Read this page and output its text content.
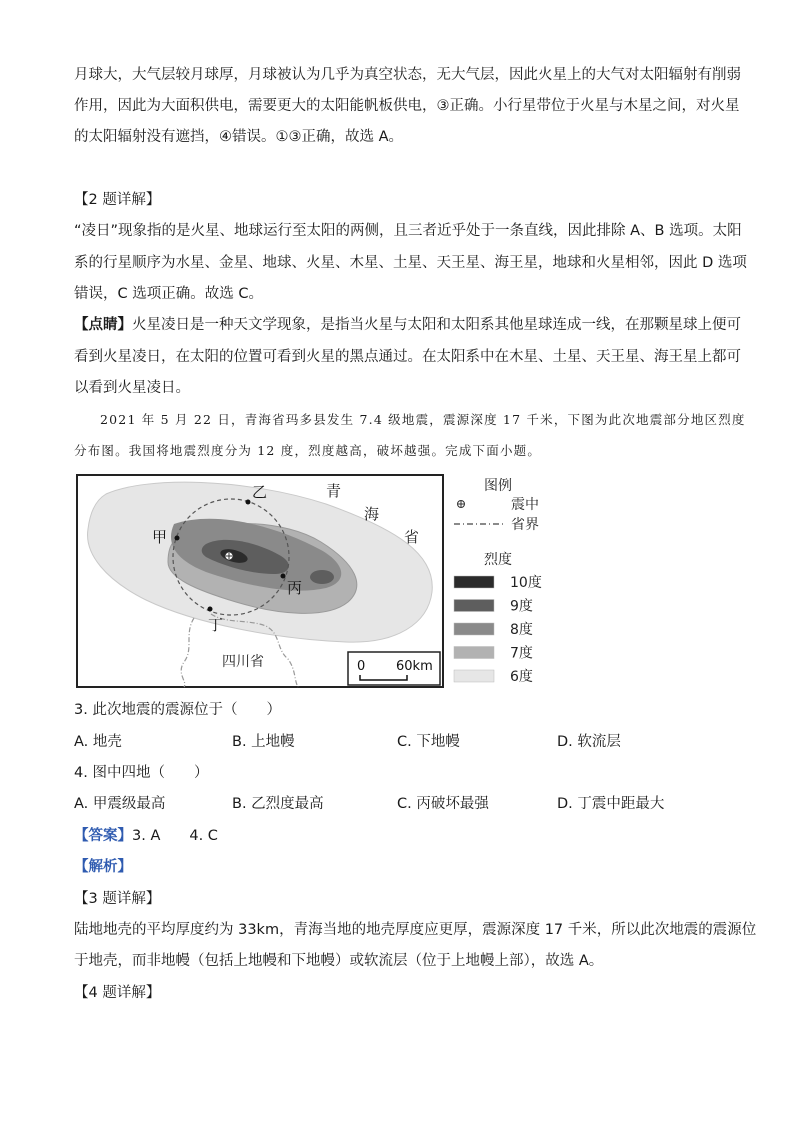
月球大，大气层较月球厚，月球被认为几乎为真空状态，无大气层，因此火星上的大气对太阳辐射有削弱
作用，因此为大面积供电，需要更大的太阳能帆板供电，③正确。小行星带位于火星与木星之间，对火星
的太阳辐射没有遮挡，④错误。①③正确，故选 A。
【2 题详解】
“凌日”现象指的是火星、地球运行至太阳的两侧，且三者近乎处于一条直线，因此排除 A、B 选项。太阳
系的行星顺序为水星、金星、地球、火星、木星、土星、天王星、海王星，地球和火星相邻，因此 D 选项
错误，C 选项正确。故选 C。
【点睛】火星凌日是一种天文学现象，是指当火星与太阳和太阳系其他星球连成一线，在那颗星球上便可
看到火星凌日，在太阳的位置可看到火星的黑点通过。在太阳系中在木星、土星、天王星、海王星上都可
以看到火星凌日。
2021 年 5 月 22 日，青海省玛多县发生 7.4 级地震，震源深度 17 千米，下图为此次地震部分地区烈度
分布图。我国将地震烈度分为 12 度，烈度越高，破坏越强。完成下面小题。
乙
甲
丙
丁
青
海
省
四川省	0 60km
图例
震中
省界
烈度
10度
9度
8度
7度
6度
3. 此次地震的震源位于（　　）
A. 地壳	B. 上地幔	C. 下地幔	D. 软流层
4. 图中四地（　　）
A. 甲震级最高	B. 乙烈度最高	C. 丙破坏最强	D. 丁震中距最大
【答案】3. A　　4. C
【解析】
【3 题详解】
陆地地壳的平均厚度约为 33km，青海当地的地壳厚度应更厚，震源深度 17 千米，所以此次地震的震源位
于地壳，而非地幔（包括上地幔和下地幔）或软流层（位于上地幔上部），故选 A。
【4 题详解】
